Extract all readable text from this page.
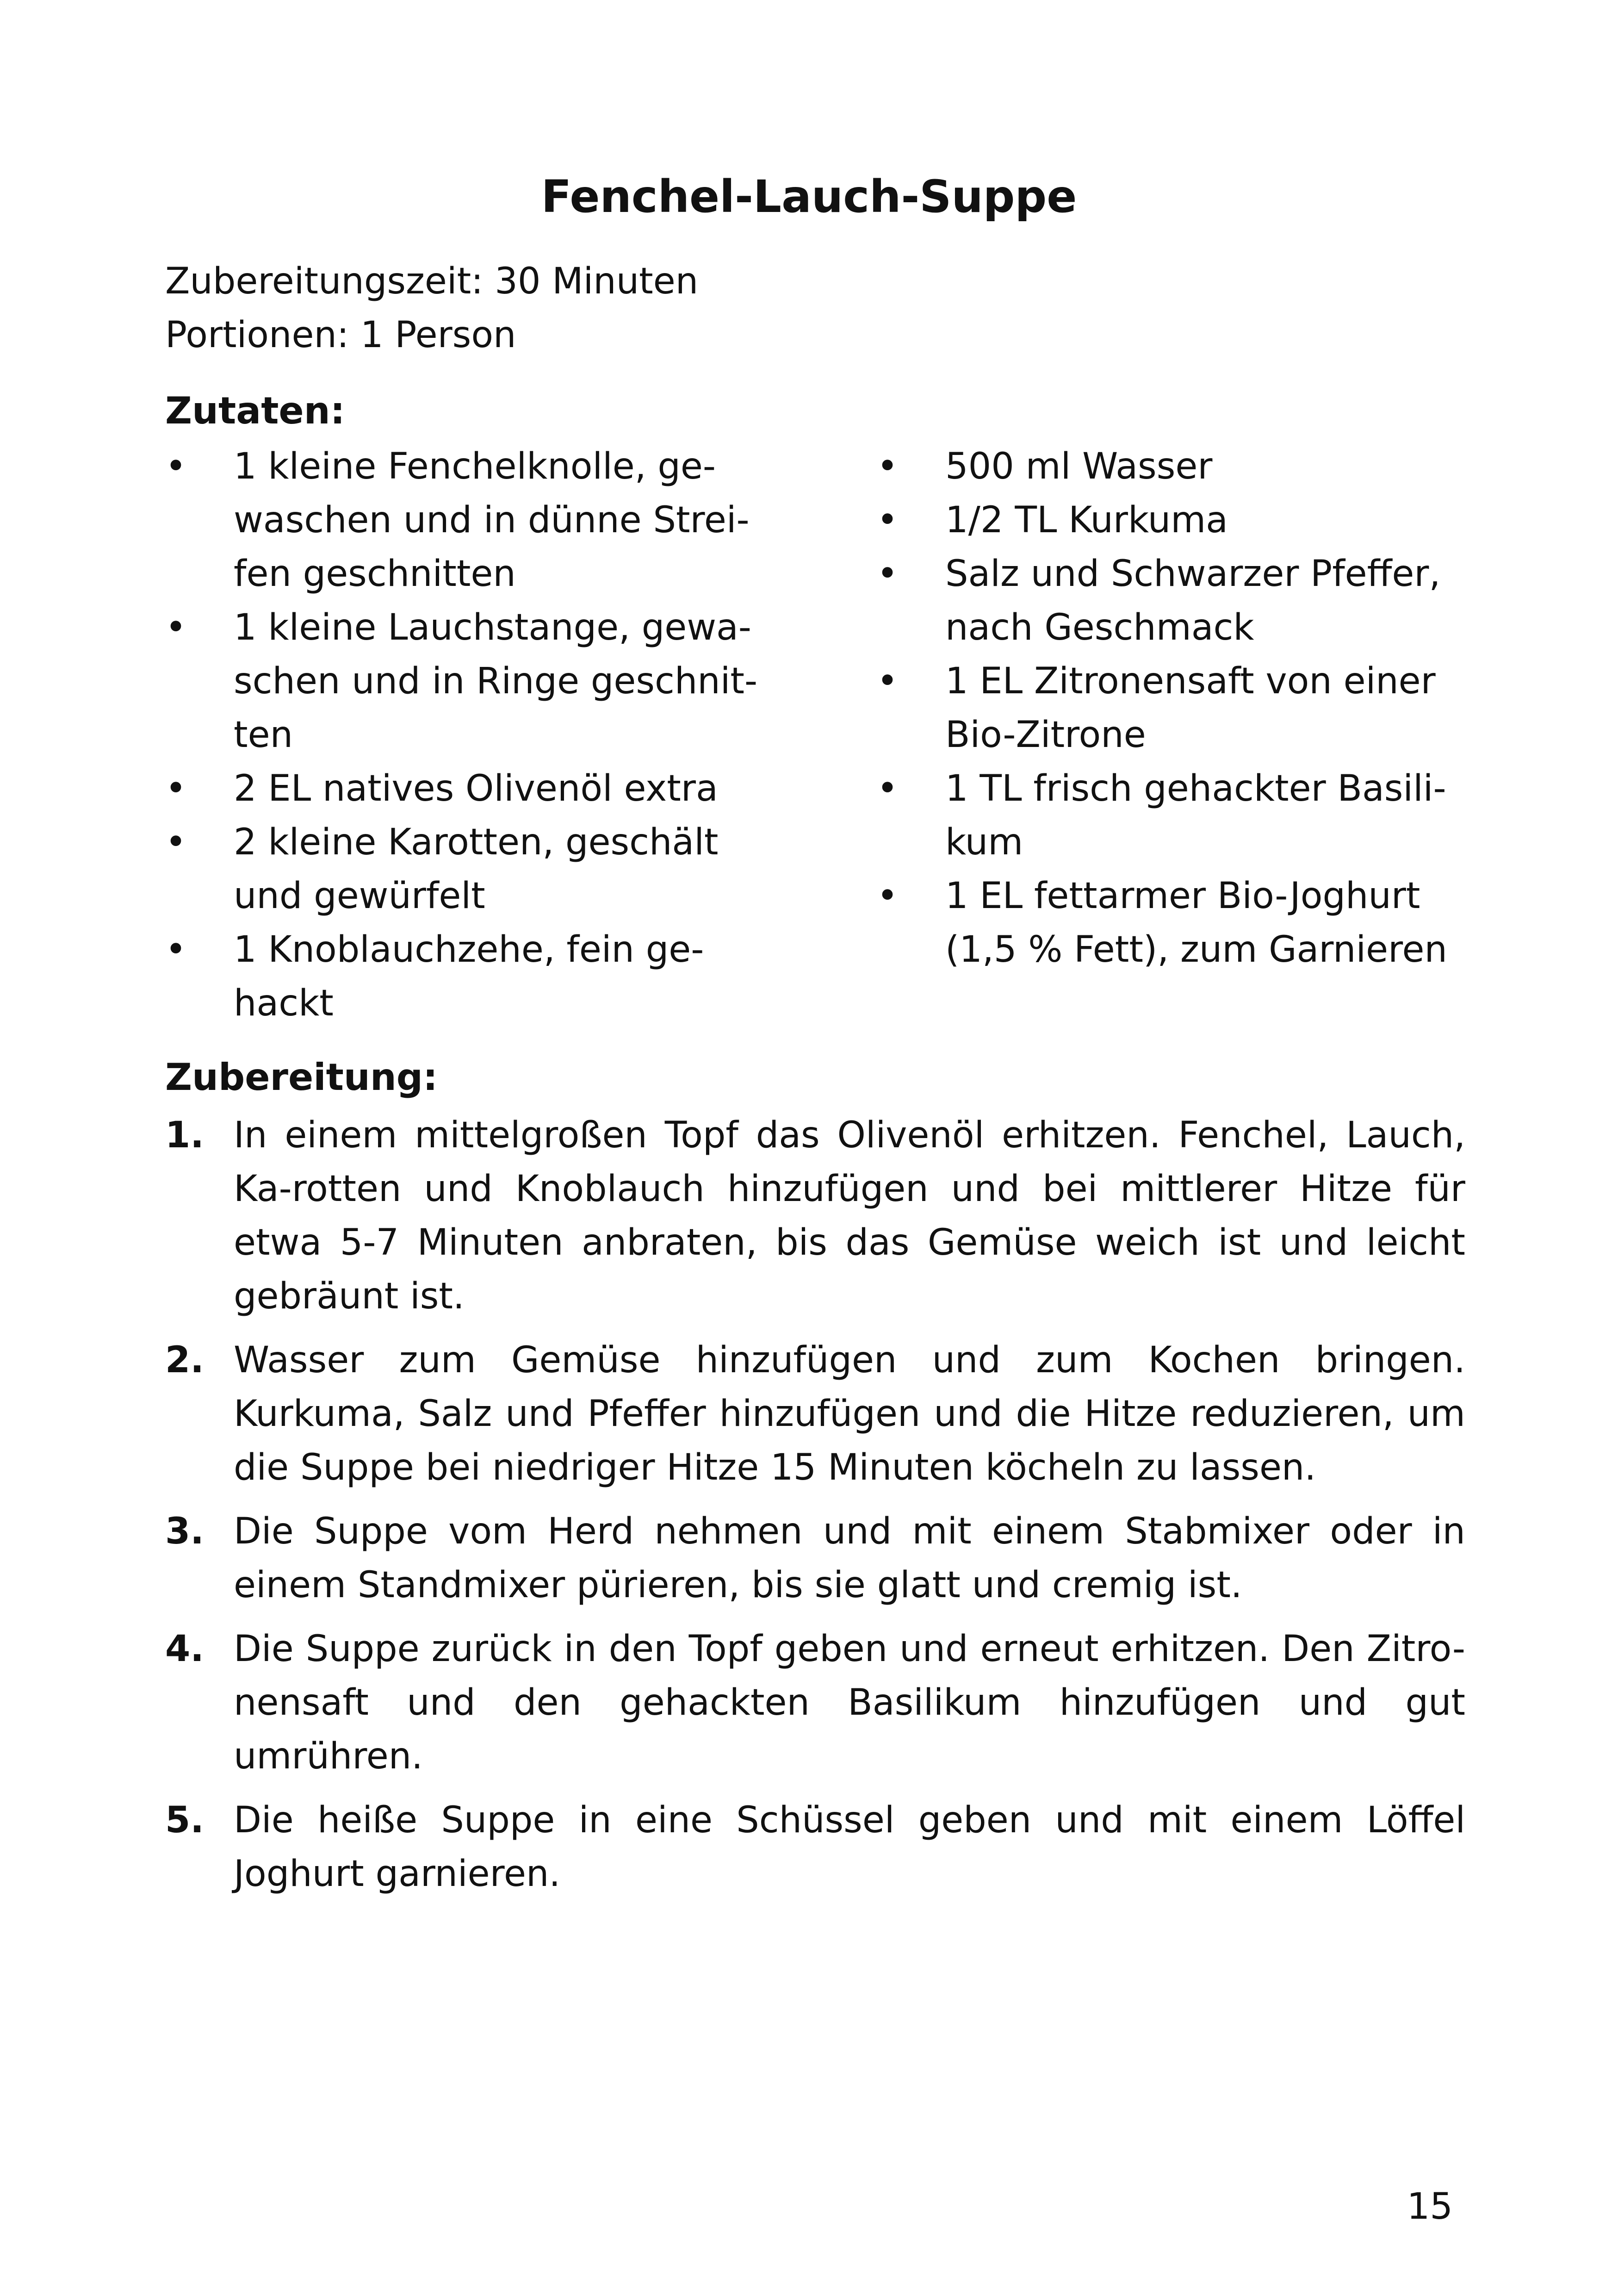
Fenchel-Lauch-Suppe
Zubereitungszeit: 30 Minuten
Portionen: 1 Person
Zutaten:
•	1 kleine Fenchelknolle, ge-
waschen und in dünne Strei-
fen geschnitten
•	1 kleine Lauchstange, gewa-
schen und in Ringe geschnit-
ten
•	2 EL natives Olivenöl extra
•	2 kleine Karotten, geschält
und gewürfelt
•	1 Knoblauchzehe, fein ge-
hackt
•	500 ml Wasser
•	1/2 TL Kurkuma
•	Salz und Schwarzer Pfeffer,
nach Geschmack
•	1 EL Zitronensaft von einer
Bio-Zitrone
•	1 TL frisch gehackter Basili-
kum
•	1 EL fettarmer Bio-Joghurt
(1,5 % Fett), zum Garnieren
Zubereitung:
1. In einem mittelgroßen Topf das Olivenöl erhitzen. Fenchel, Lauch, Ka-rotten und Knoblauch hinzufügen und bei mittlerer Hitze für etwa 5-7 Minuten anbraten, bis das Gemüse weich ist und leicht gebräunt ist.
2. Wasser zum Gemüse hinzufügen und zum Kochen bringen. Kurkuma, Salz und Pfeffer hinzufügen und die Hitze reduzieren, um die Suppe bei niedriger Hitze 15 Minuten köcheln zu lassen.
3. Die Suppe vom Herd nehmen und mit einem Stabmixer oder in einem Standmixer pürieren, bis sie glatt und cremig ist.
4. Die Suppe zurück in den Topf geben und erneut erhitzen. Den Zitro-nensaft und den gehackten Basilikum hinzufügen und gut umrühren.
5. Die heiße Suppe in eine Schüssel geben und mit einem Löffel Joghurt garnieren.
15
